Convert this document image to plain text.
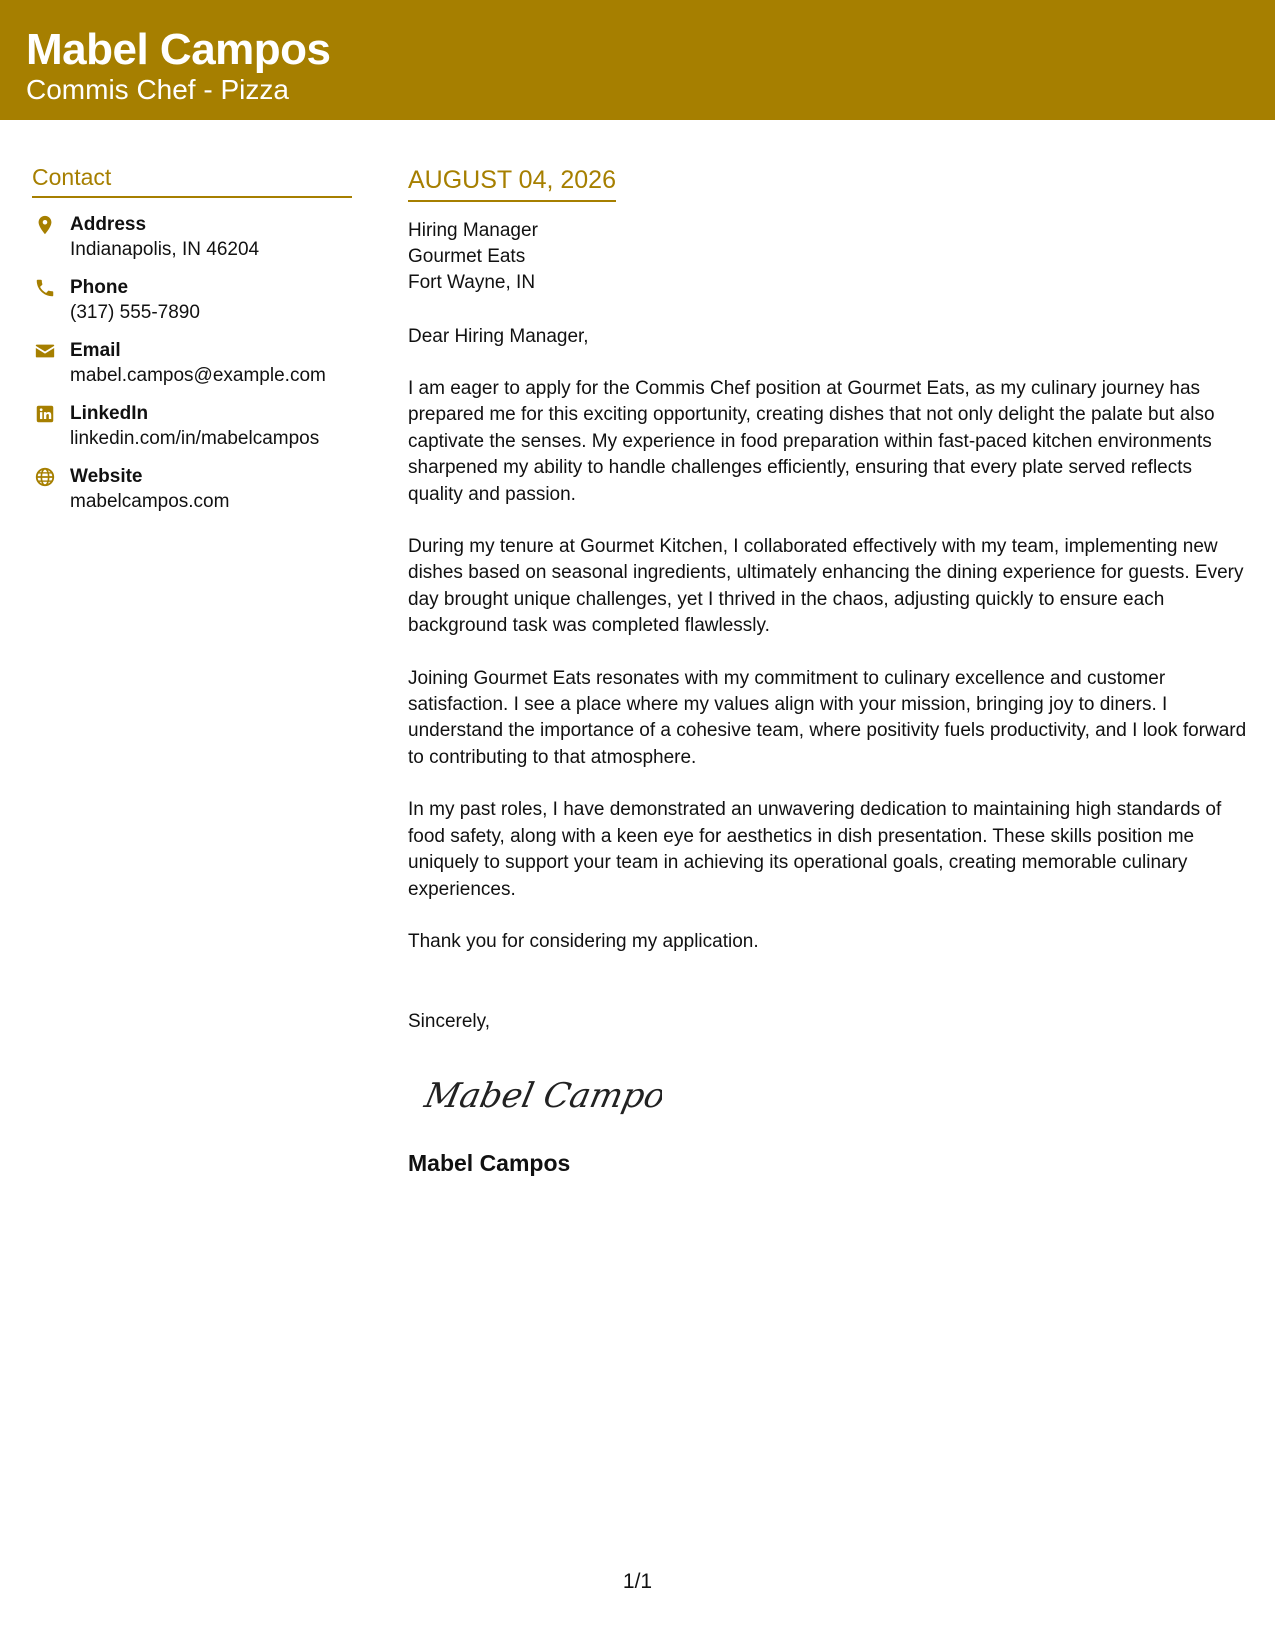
Mabel Campos
Commis Chef - Pizza
Contact
Address
Indianapolis, IN 46204
Phone
(317) 555-7890
Email
mabel.campos@example.com
LinkedIn
linkedin.com/in/mabelcampos
Website
mabelcampos.com
AUGUST 04, 2026
Hiring Manager
Gourmet Eats
Fort Wayne, IN
Dear Hiring Manager,
I am eager to apply for the Commis Chef position at Gourmet Eats, as my culinary journey has prepared me for this exciting opportunity, creating dishes that not only delight the palate but also captivate the senses. My experience in food preparation within fast-paced kitchen environments sharpened my ability to handle challenges efficiently, ensuring that every plate served reflects quality and passion.
During my tenure at Gourmet Kitchen, I collaborated effectively with my team, implementing new dishes based on seasonal ingredients, ultimately enhancing the dining experience for guests. Every day brought unique challenges, yet I thrived in the chaos, adjusting quickly to ensure each background task was completed flawlessly.
Joining Gourmet Eats resonates with my commitment to culinary excellence and customer satisfaction. I see a place where my values align with your mission, bringing joy to diners. I understand the importance of a cohesive team, where positivity fuels productivity, and I look forward to contributing to that atmosphere.
In my past roles, I have demonstrated an unwavering dedication to maintaining high standards of food safety, along with a keen eye for aesthetics in dish presentation. These skills position me uniquely to support your team in achieving its operational goals, creating memorable culinary experiences.
Thank you for considering my application.
Sincerely,
Mabel Campos
Mabel Campos
1/1
